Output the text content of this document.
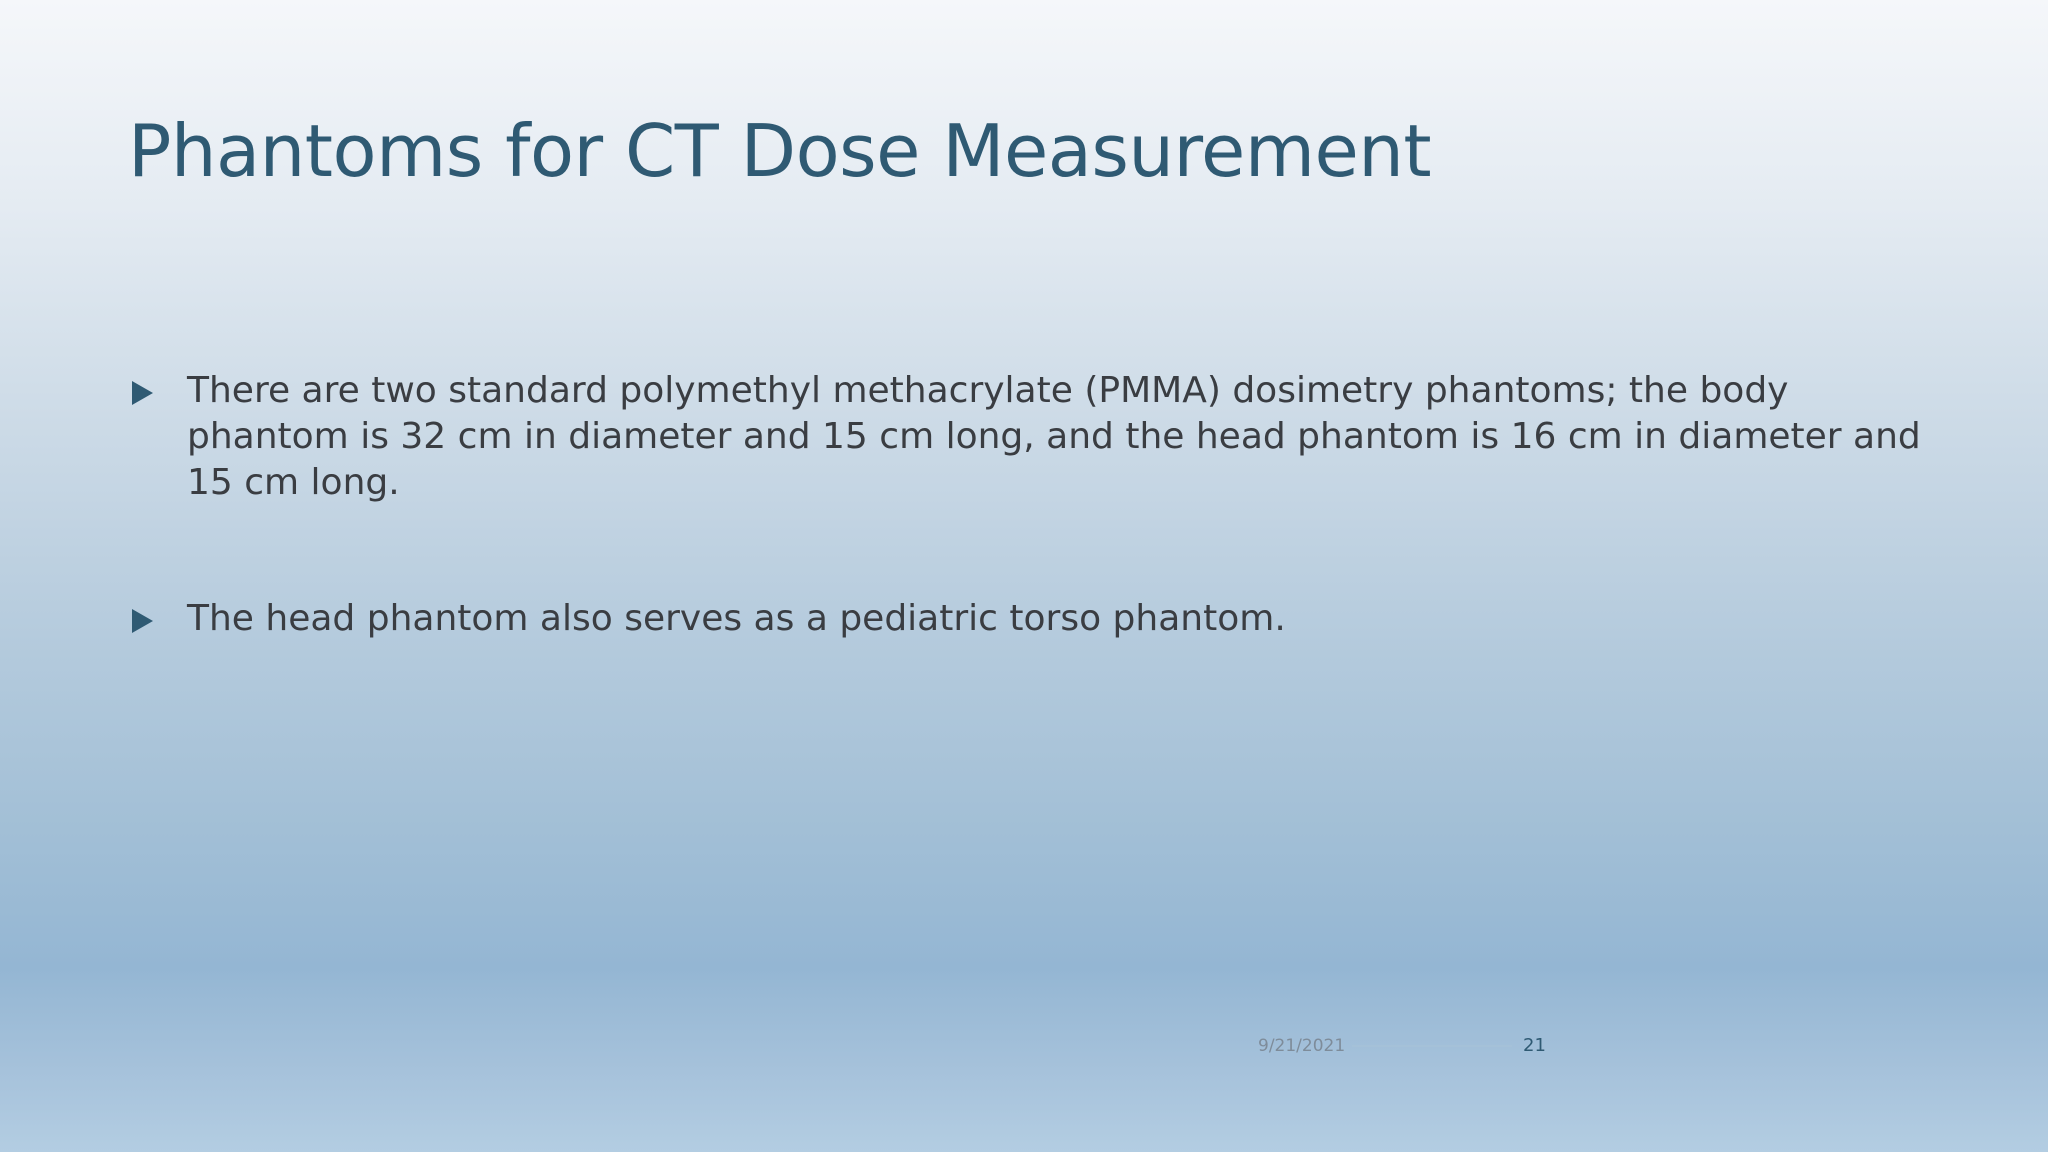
Phantoms for CT Dose Measurement
There are two standard polymethyl methacrylate (PMMA) dosimetry phantoms; the body phantom is 32 cm in diameter and 15 cm long, and the head phantom is 16 cm in diameter and 15 cm long.
The head phantom also serves as a pediatric torso phantom.
9/21/2021	21
